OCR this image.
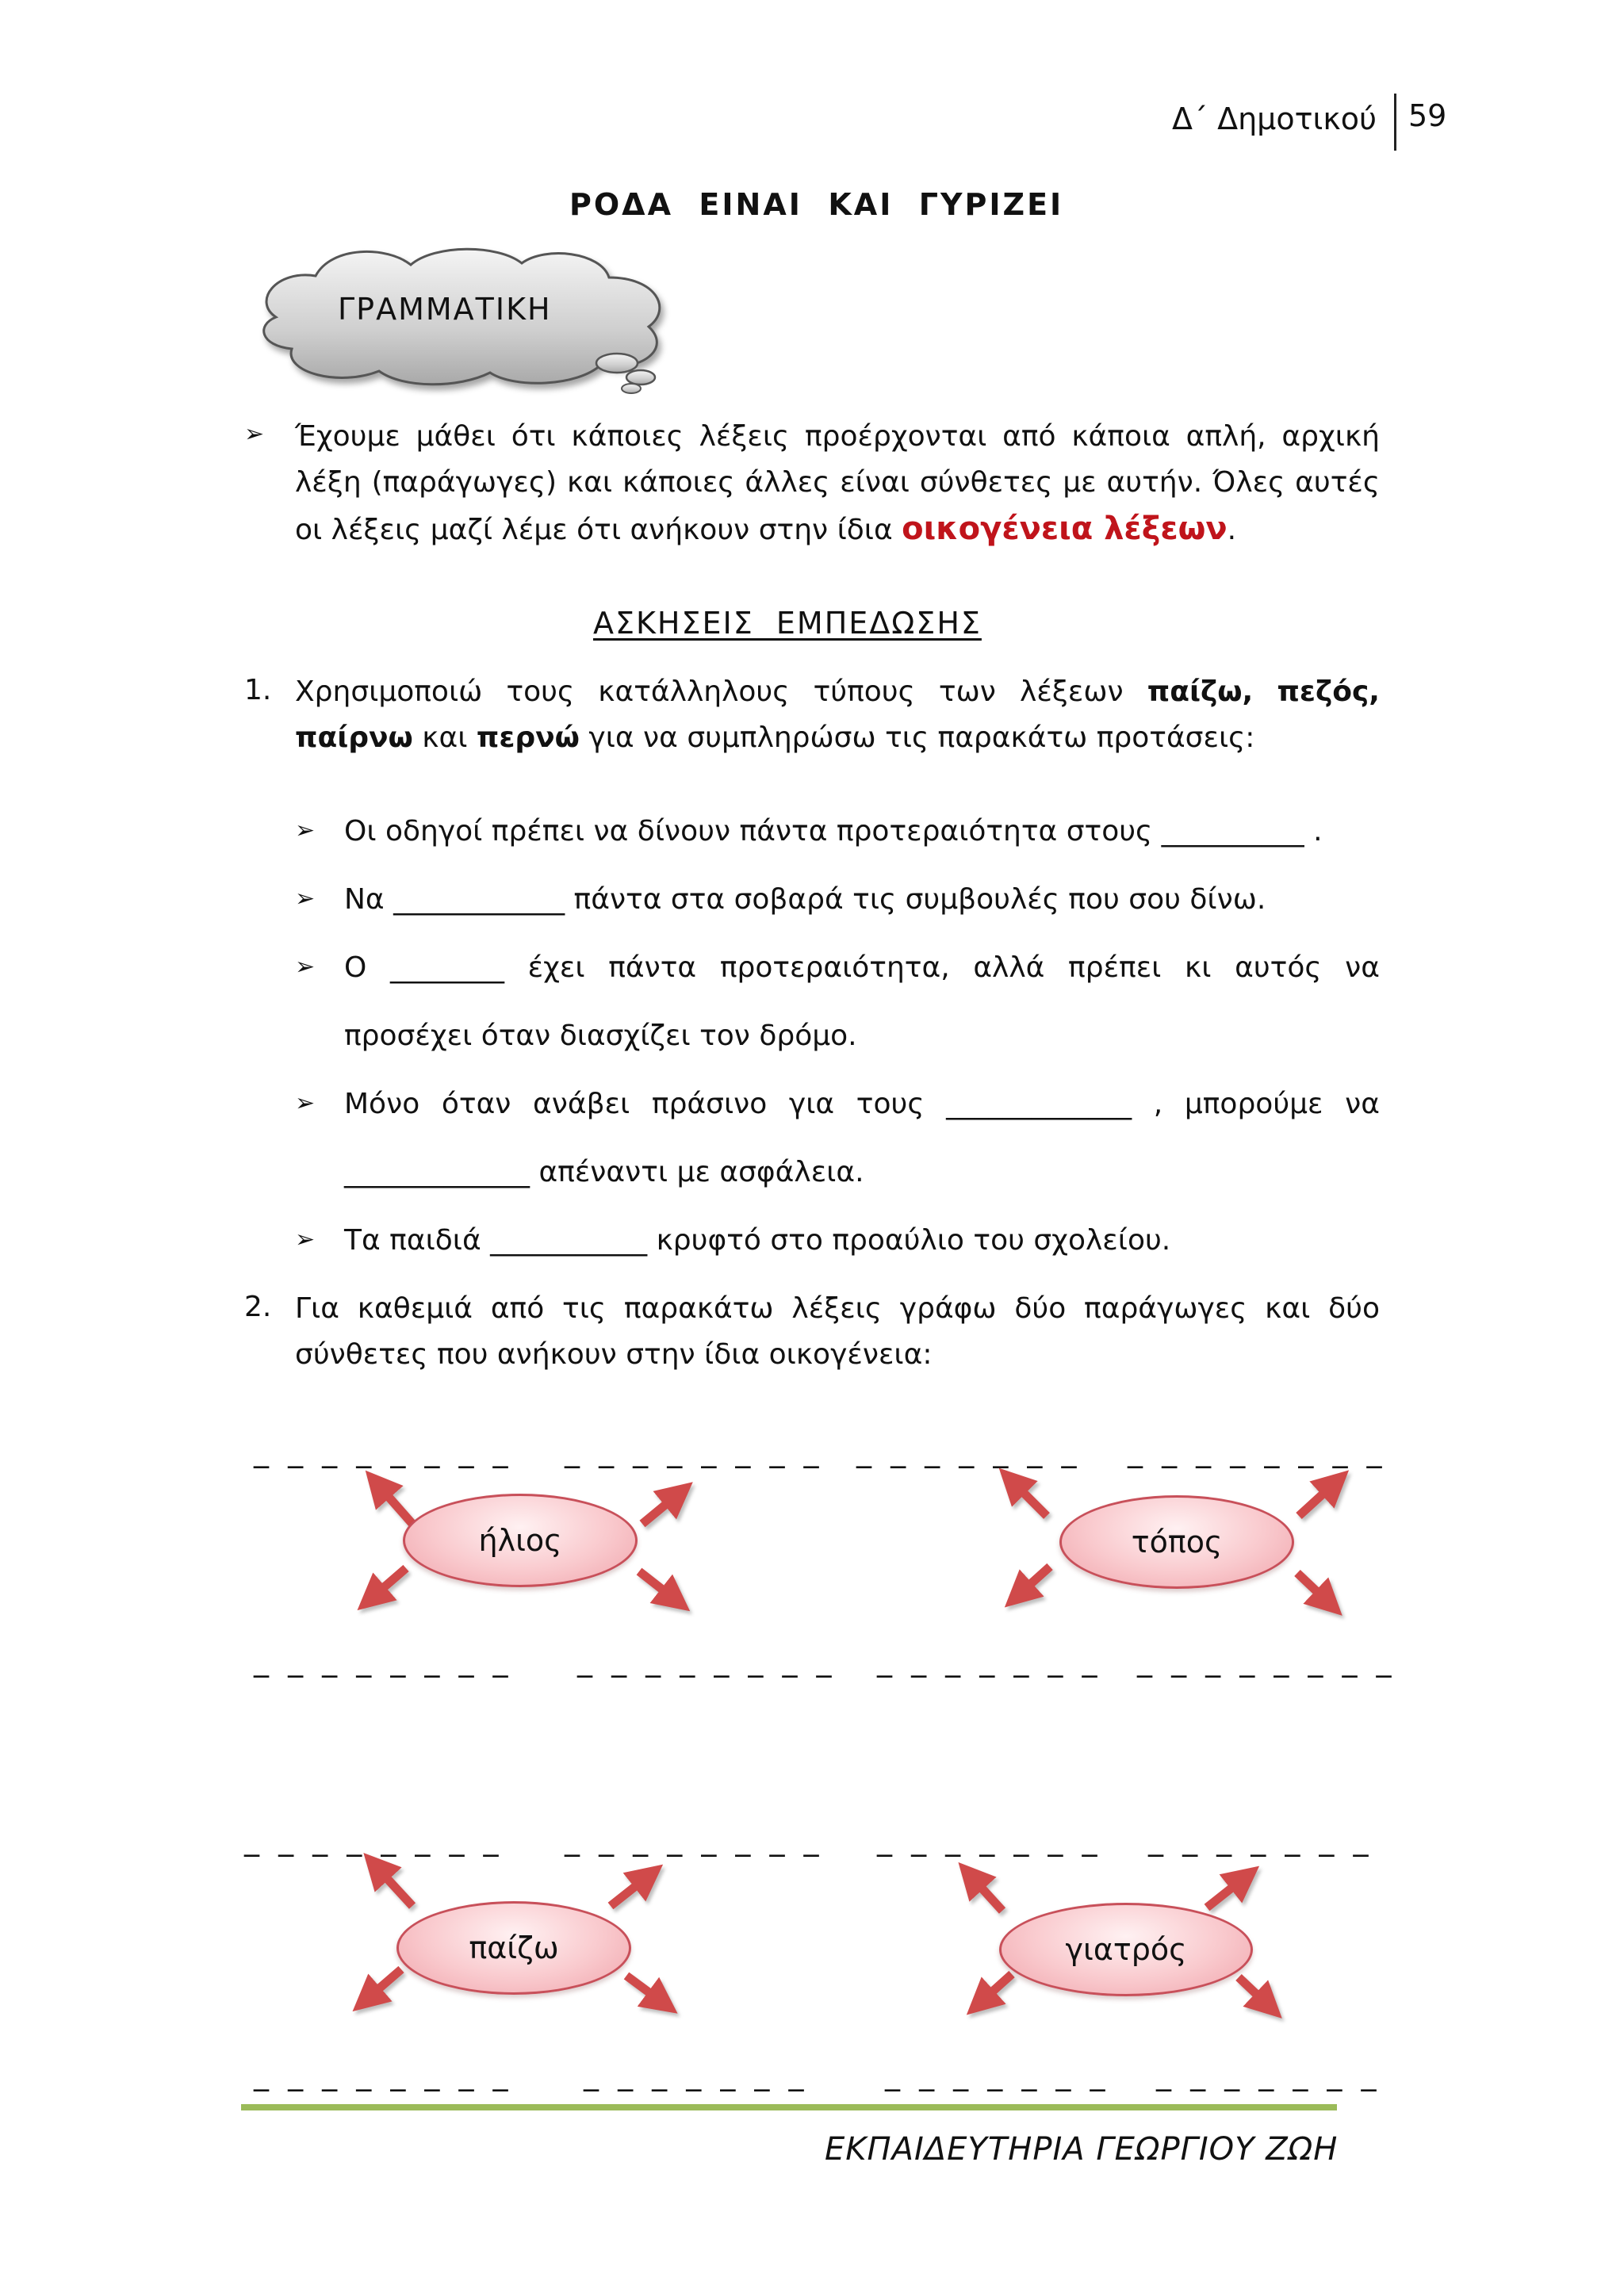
Δ΄ Δημοτικού 59
ΡΟΔΑ  ΕΙΝΑΙ  ΚΑΙ  ΓΥΡΙΖΕΙ
ΓΡΑΜΜΑΤΙΚΗ
➢ Έχουμε μάθει ότι κάποιες λέξεις προέρχονται από κάποια απλή, αρχική λέξη (παράγωγες) και κάποιες άλλες είναι σύνθετες με αυτήν. Όλες αυτές οι λέξεις μαζί λέμε ότι ανήκουν στην ίδια οικογένεια λέξεων.
ΑΣΚΗΣΕΙΣ  ΕΜΠΕΔΩΣΗΣ
1. Χρησιμοποιώ τους κατάλληλους τύπους των λέξεων παίζω, πεζός, παίρνω και περνώ για να συμπληρώσω τις παρακάτω προτάσεις:
➢ Οι οδηγοί πρέπει να δίνουν πάντα προτεραιότητα στους __________ .
➢ Να ____________ πάντα στα σοβαρά τις συμβουλές που σου δίνω.
➢ Ο ________ έχει πάντα προτεραιότητα, αλλά πρέπει κι αυτός να
προσέχει όταν διασχίζει τον δρόμο.
➢ Μόνο όταν ανάβει πράσινο για τους _____________ , μπορούμε να
_____________ απέναντι με ασφάλεια.
➢ Τα παιδιά ___________ κρυφτό στο προαύλιο του σχολείου.
2. Για καθεμιά από τις παρακάτω λέξεις γράφω δύο παράγωγες και δύο σύνθετες που ανήκουν στην ίδια οικογένεια:
_ _ _ _ _ _ _ _ _ _ _ _ _ _ _ _ _ _ _ _ _ _ _ _ _ _ _ _ _ _ _
_ _ _ _ _ _ _ _ _ _ _ _ _ _ _ _ _ _ _ _ _ _ _ _ _ _ _ _ _ _ _
_ _ _ _ _ _ _ _ _ _ _ _ _ _ _ _ _ _ _ _ _ _ _ _ _ _ _ _ _ _
_ _ _ _ _ _ _ _ _ _ _ _ _ _ _	_ _ _ _ _ _ _ _ _ _ _ _ _ _
ήλιος	τόπος
παίζω	γιατρός
ΕΚΠΑΙΔΕΥΤΗΡΙΑ ΓΕΩΡΓΙΟΥ ΖΩΗ
